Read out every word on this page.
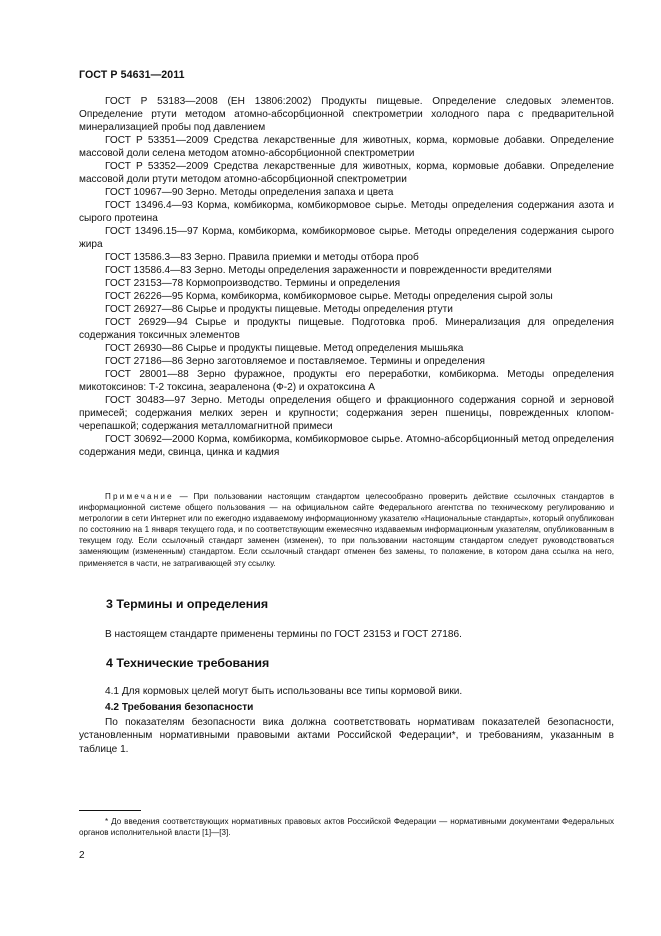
ГОСТ Р 54631—2011

ГОСТ Р 53183—2008 (ЕН 13806:2002) Продукты пищевые. Определение следовых элементов. Определение ртути методом атомно-абсорбционной спектрометрии холодного пара с предварительной минерализацией пробы под давлением

ГОСТ Р 53351—2009 Средства лекарственные для животных, корма, кормовые добавки. Определение массовой доли селена методом атомно-абсорбционной спектрометрии

ГОСТ Р 53352—2009 Средства лекарственные для животных, корма, кормовые добавки. Определение массовой доли ртути методом атомно-абсорбционной спектрометрии

ГОСТ 10967—90 Зерно. Методы определения запаха и цвета

ГОСТ 13496.4—93 Корма, комбикорма, комбикормовое сырье. Методы определения содержания азота и сырого протеина

ГОСТ 13496.15—97 Корма, комбикорма, комбикормовое сырье. Методы определения содержания сырого жира

ГОСТ 13586.3—83 Зерно. Правила приемки и методы отбора проб

ГОСТ 13586.4—83 Зерно. Методы определения зараженности и поврежденности вредителями

ГОСТ 23153—78 Кормопроизводство. Термины и определения

ГОСТ 26226—95 Корма, комбикорма, комбикормовое сырье. Методы определения сырой золы

ГОСТ 26927—86 Сырье и продукты пищевые. Методы определения ртути

ГОСТ 26929—94 Сырье и продукты пищевые. Подготовка проб. Минерализация для определения содержания токсичных элементов

ГОСТ 26930—86 Сырье и продукты пищевые. Метод определения мышьяка

ГОСТ 27186—86 Зерно заготовляемое и поставляемое. Термины и определения

ГОСТ 28001—88 Зерно фуражное, продукты его переработки, комбикорма. Методы определения микотоксинов: Т-2 токсина, зеараленона (Ф-2) и охратоксина А

ГОСТ 30483—97 Зерно. Методы определения общего и фракционного содержания сорной и зерновой примесей; содержания мелких зерен и крупности; содержания зерен пшеницы, поврежденных клопом-черепашкой; содержания металломагнитной примеси

ГОСТ 30692—2000 Корма, комбикорма, комбикормовое сырье. Атомно-абсорбционный метод определения содержания меди, свинца, цинка и кадмия

Примечание — При пользовании настоящим стандартом целесообразно проверить действие ссылочных стандартов в информационной системе общего пользования — на официальном сайте Федерального агентства по техническому регулированию и метрологии в сети Интернет или по ежегодно издаваемому информационному указателю «Национальные стандарты», который опубликован по состоянию на 1 января текущего года, и по соответствующим ежемесячно издаваемым информационным указателям, опубликованным в текущем году. Если ссылочный стандарт заменен (изменен), то при пользовании настоящим стандартом следует руководствоваться заменяющим (измененным) стандартом. Если ссылочный стандарт отменен без замены, то положение, в котором дана ссылка на него, применяется в части, не затрагивающей эту ссылку.

3 Термины и определения

В настоящем стандарте применены термины по ГОСТ 23153 и ГОСТ 27186.

4 Технические требования

4.1 Для кормовых целей могут быть использованы все типы кормовой вики.

4.2 Требования безопасности

По показателям безопасности вика должна соответствовать нормативам показателей безопасности, установленным нормативными правовыми актами Российской Федерации*, и требованиям, указанным в таблице 1.

* До введения соответствующих нормативных правовых актов Российской Федерации — нормативными документами Федеральных органов исполнительной власти [1]—[3].

2
